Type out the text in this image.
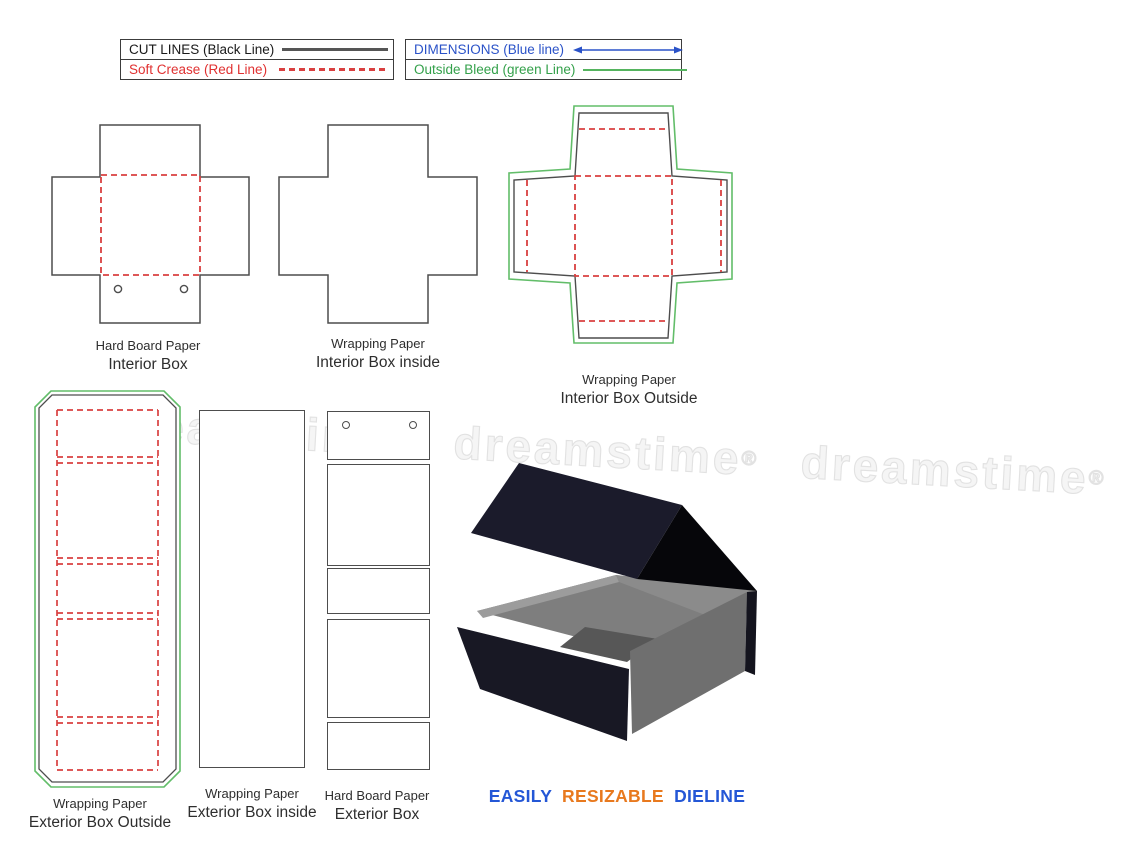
CUT LINES (Black Line)
Soft Crease (Red Line)
DIMENSIONS (Blue line)
Outside Bleed (green Line)
dreamstime® dreamstime®
Hard Board Paper
Interior Box
Wrapping Paper
Interior Box inside
Wrapping Paper
Interior Box Outside
Wrapping Paper
Exterior Box Outside
Wrapping Paper
Exterior Box inside
Hard Board Paper
Exterior Box
EASILY RESIZABLE DIELINE
